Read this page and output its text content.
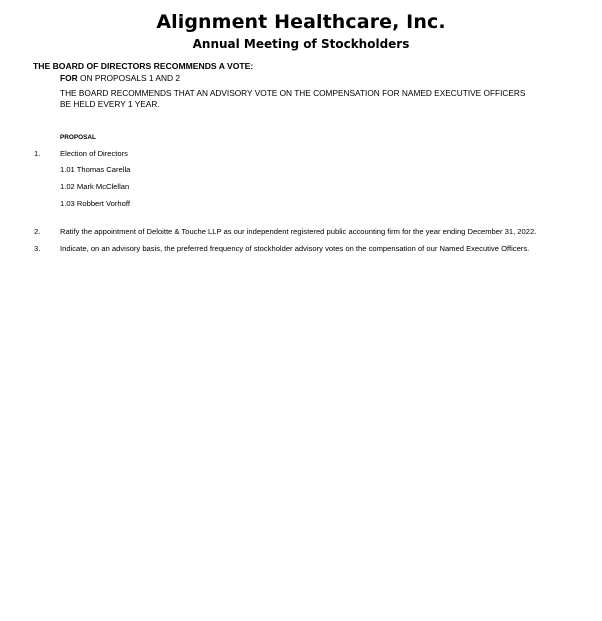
Alignment Healthcare, Inc.
Annual Meeting of Stockholders
THE BOARD OF DIRECTORS RECOMMENDS A VOTE:
FOR ON PROPOSALS 1 AND 2
THE BOARD RECOMMENDS THAT AN ADVISORY VOTE ON THE COMPENSATION FOR NAMED EXECUTIVE OFFICERS
BE HELD EVERY 1 YEAR.
PROPOSAL
1.	Election of Directors
1.01 Thomas Carella
1.02 Mark McClellan
1.03 Robbert Vorhoff
2.	Ratify the appointment of Deloitte & Touche LLP as our independent registered public accounting firm for the year ending December 31, 2022.
3.	Indicate, on an advisory basis, the preferred frequency of stockholder advisory votes on the compensation of our Named Executive Officers.
